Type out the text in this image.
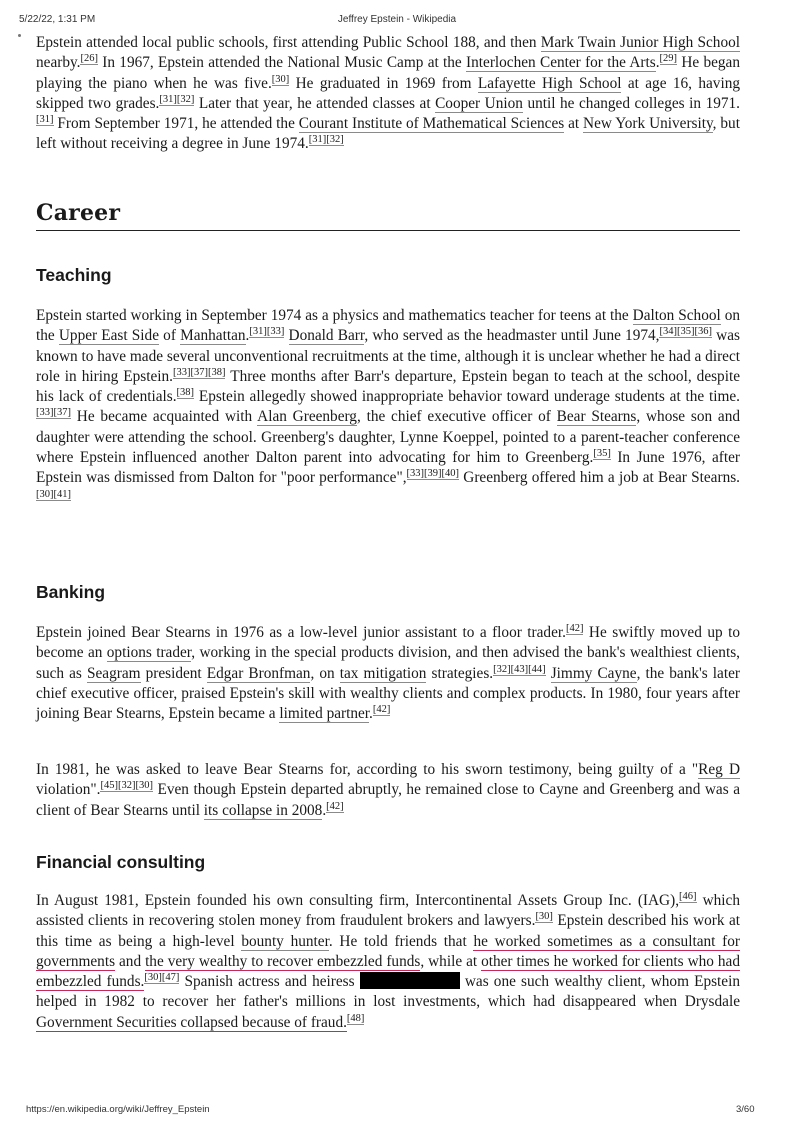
5/22/22, 1:31 PM	Jeffrey Epstein - Wikipedia

Epstein attended local public schools, first attending Public School 188, and then Mark Twain Junior High School nearby.[26] In 1967, Epstein attended the National Music Camp at the Interlochen Center for the Arts.[29] He began playing the piano when he was five.[30] He graduated in 1969 from Lafayette High School at age 16, having skipped two grades.[31][32] Later that year, he attended classes at Cooper Union until he changed colleges in 1971.[31] From September 1971, he attended the Courant Institute of Mathematical Sciences at New York University, but left without receiving a degree in June 1974.[31][32]

Career
Teaching

Epstein started working in September 1974 as a physics and mathematics teacher for teens at the Dalton School on the Upper East Side of Manhattan.[31][33] Donald Barr, who served as the headmaster until June 1974,[34][35][36] was known to have made several unconventional recruitments at the time, although it is unclear whether he had a direct role in hiring Epstein.[33][37][38] Three months after Barr's departure, Epstein began to teach at the school, despite his lack of credentials.[38] Epstein allegedly showed inappropriate behavior toward underage students at the time.[33][37] He became acquainted with Alan Greenberg, the chief executive officer of Bear Stearns, whose son and daughter were attending the school. Greenberg's daughter, Lynne Koeppel, pointed to a parent-teacher conference where Epstein influenced another Dalton parent into advocating for him to Greenberg.[35] In June 1976, after Epstein was dismissed from Dalton for "poor performance",[33][39][40] Greenberg offered him a job at Bear Stearns.[30][41]

Banking

Epstein joined Bear Stearns in 1976 as a low-level junior assistant to a floor trader.[42] He swiftly moved up to become an options trader, working in the special products division, and then advised the bank's wealthiest clients, such as Seagram president Edgar Bronfman, on tax mitigation strategies.[32][43][44] Jimmy Cayne, the bank's later chief executive officer, praised Epstein's skill with wealthy clients and complex products. In 1980, four years after joining Bear Stearns, Epstein became a limited partner.[42]

In 1981, he was asked to leave Bear Stearns for, according to his sworn testimony, being guilty of a "Reg D violation".[45][32][30] Even though Epstein departed abruptly, he remained close to Cayne and Greenberg and was a client of Bear Stearns until its collapse in 2008.[42]

Financial consulting

In August 1981, Epstein founded his own consulting firm, Intercontinental Assets Group Inc. (IAG),[46] which assisted clients in recovering stolen money from fraudulent brokers and lawyers.[30] Epstein described his work at this time as being a high-level bounty hunter. He told friends that he worked sometimes as a consultant for governments and the very wealthy to recover embezzled funds, while at other times he worked for clients who had embezzled funds.[30][47] Spanish actress and heiress	was one such wealthy client, whom Epstein helped in 1982 to recover her father's millions in lost investments, which had disappeared when Drysdale Government Securities collapsed because of fraud.[48]

https://en.wikipedia.org/wiki/Jeffrey_Epstein	3/60
